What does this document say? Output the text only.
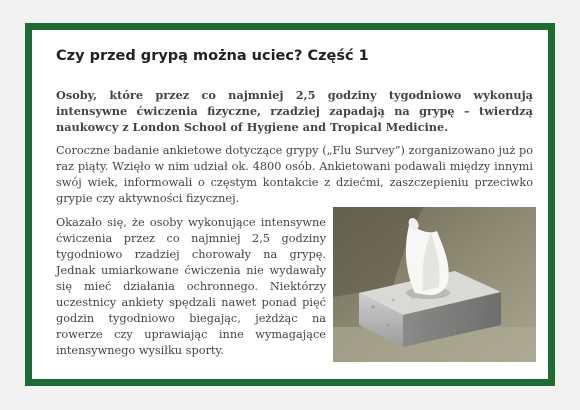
Czy przed grypą można uciec? Część 1

Osoby, które przez co najmniej 2,5 godziny tygodniowo wykonują intensywne ćwiczenia fizyczne, rzadziej zapadają na grypę – twierdzą naukowcy z London School of Hygiene and Tropical Medicine.

Coroczne badanie ankietowe dotyczące grypy („Flu Survey”) zorganizowano już po raz piąty. Wzięło w nim udział ok. 4800 osób. Ankietowani podawali między innymi swój wiek, informowali o częstym kontakcie z dziećmi, zaszczepieniu przeciwko grypie czy aktywności fizycznej.

Okazało się, że osoby wykonujące intensywne ćwiczenia przez co najmniej 2,5 godziny tygodniowo rzadziej chorowały na grypę. Jednak umiarkowane ćwiczenia nie wydawały się mieć działania ochronnego. Niektórzy uczestnicy ankiety spędzali nawet ponad pięć godzin tygodniowo biegając, jeżdżąc na rowerze czy uprawiając inne wymagające intensywnego wysiłku sporty.
